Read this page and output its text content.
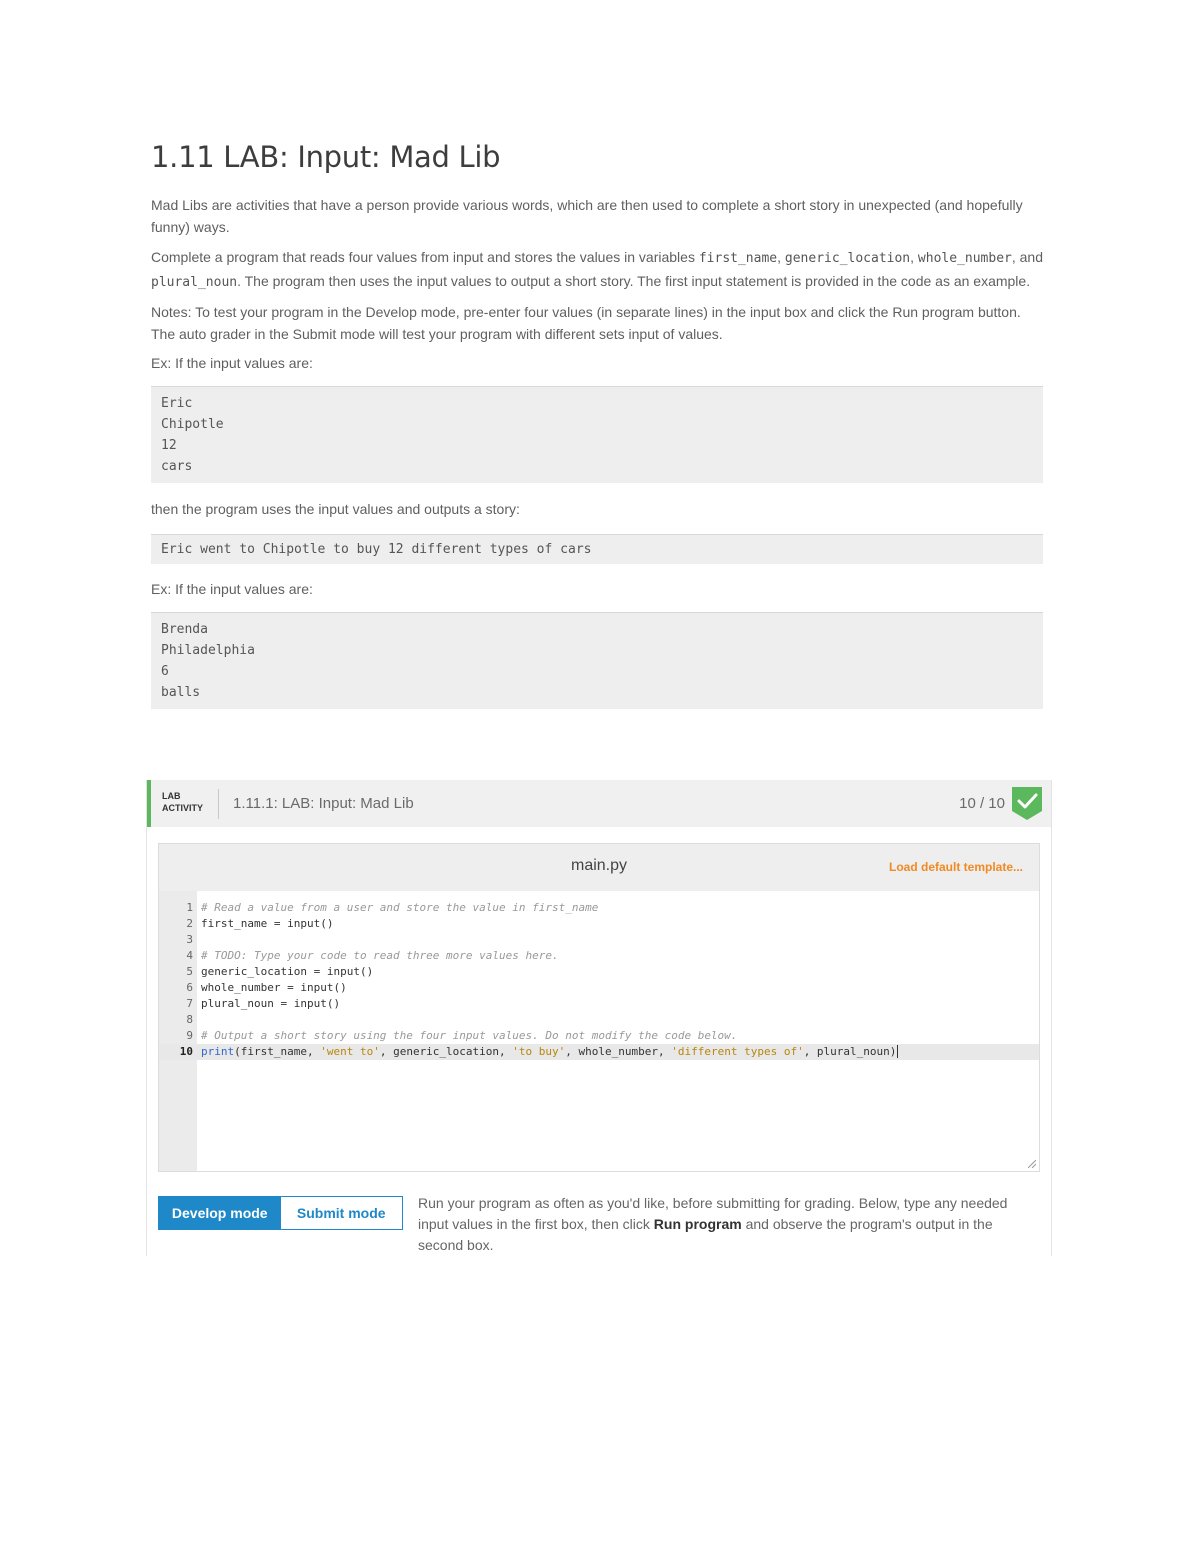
1.11 LAB: Input: Mad Lib

Mad Libs are activities that have a person provide various words, which are then used to complete a short story in unexpected (and hopefully funny) ways.

Complete a program that reads four values from input and stores the values in variables first_name, generic_location, whole_number, and plural_noun. The program then uses the input values to output a short story. The first input statement is provided in the code as an example.

Notes: To test your program in the Develop mode, pre-enter four values (in separate lines) in the input box and click the Run program button. The auto grader in the Submit mode will test your program with different sets input of values.

Ex: If the input values are:

Eric
Chipotle
12
cars

then the program uses the input values and outputs a story:

Eric went to Chipotle to buy 12 different types of cars

Ex: If the input values are:

Brenda
Philadelphia
6
balls
LAB
ACTIVITY 1.11.1: LAB: Input: Mad Lib	10 / 10
main.py	Load default template...
1 # Read a value from a user and store the value in first_name
2 first_name = input()
3
4 # TODO: Type your code to read three more values here.
5 generic_location = input()
6 whole_number = input()
7 plural_noun = input()
8
9 # Output a short story using the four input values. Do not modify the code below.
10 print(first_name, 'went to', generic_location, 'to buy', whole_number, 'different types of', plural_noun)
Develop mode	Submit mode
Run your program as often as you'd like, before submitting for grading. Below, type any needed input values in the first box, then click Run program and observe the program's output in the second box.
